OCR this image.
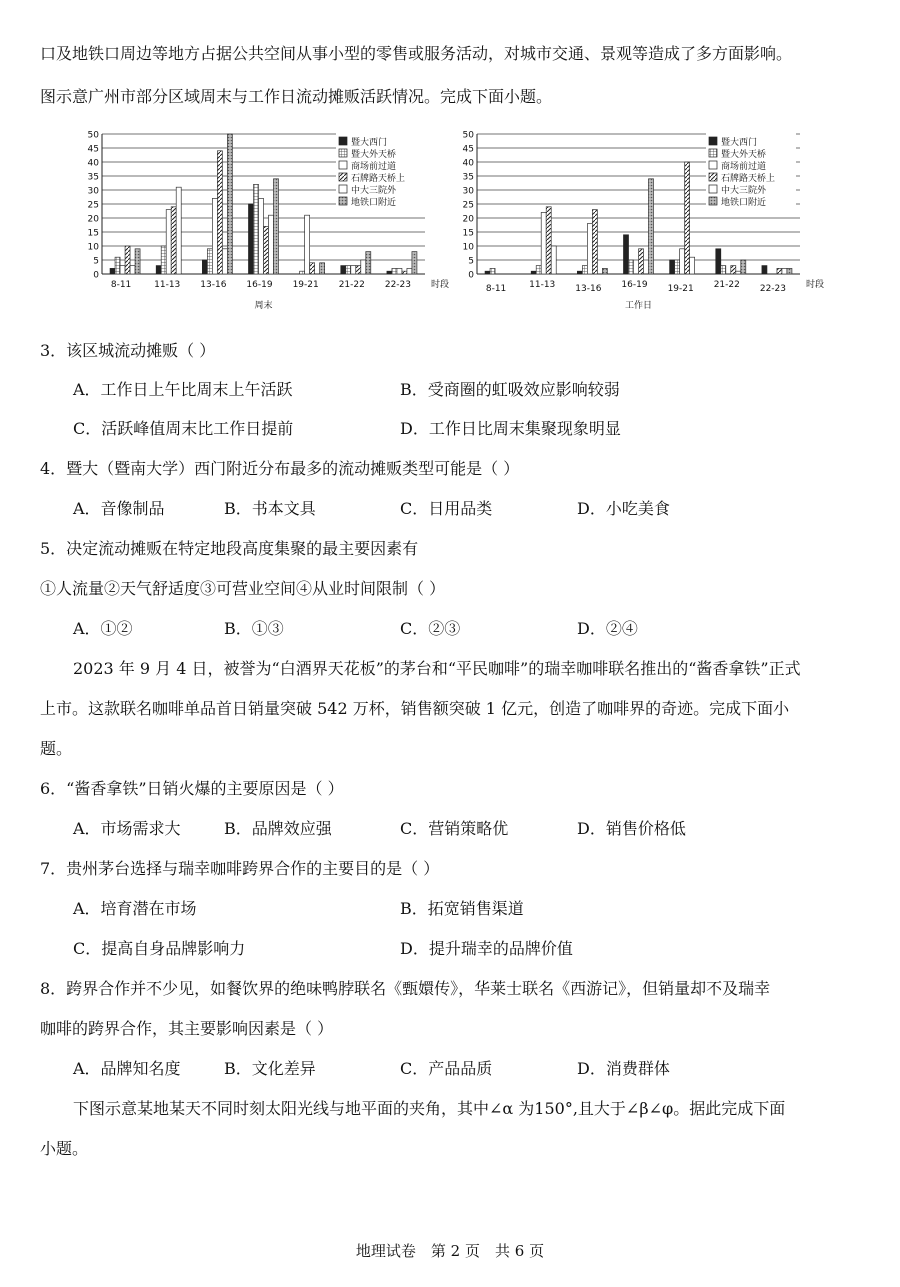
口及地铁口周边等地方占据公共空间从事小型的零售或服务活动，对城市交通、景观等造成了多方面影响。
图示意广州市部分区域周末与工作日流动摊贩活跃情况。完成下面小题。
0
5
10
15
20
25
30
35
40
45
50
8-11	11-13 13-16 16-19 19-21 21-22 22-23 时段
周末
暨大西门
暨大外天桥
商场前过道
石牌路天桥上
中大三院外
地铁口附近
0
5
10
15
20
25
30
35
40
45
50
8-11	11-13 13-16 16-19 19-21 21-22 22-23 时段
工作日
暨大西门
暨大外天桥
商场前过道
石牌路天桥上
中大三院外
地铁口附近
3．该区城流动摊贩（ ）
A．工作日上午比周末上午活跃	B．受商圈的虹吸效应影响较弱
C．活跃峰值周末比工作日提前	D．工作日比周末集聚现象明显
4．暨大（暨南大学）西门附近分布最多的流动摊贩类型可能是（ ）
A．音像制品	B．书本文具	C．日用品类	D．小吃美食
5．决定流动摊贩在特定地段高度集聚的最主要因素有
①人流量②天气舒适度③可营业空间④从业时间限制（ ）
A．①②	B．①③	C．②③	D．②④
2023 年 9 月 4 日，被誉为“白酒界天花板”的茅台和“平民咖啡”的瑞幸咖啡联名推出的“酱香拿铁”正式
上市。这款联名咖啡单品首日销量突破 542 万杯，销售额突破 1 亿元，创造了咖啡界的奇迹。完成下面小
题。
6．“酱香拿铁”日销火爆的主要原因是（ ）
A．市场需求大	B．品牌效应强	C．营销策略优	D．销售价格低
7．贵州茅台选择与瑞幸咖啡跨界合作的主要目的是（ ）
A．培育潜在市场	B．拓宽销售渠道
C．提高自身品牌影响力	D．提升瑞幸的品牌价值
8．跨界合作并不少见，如餐饮界的绝味鸭脖联名《甄嬛传》，华莱士联名《西游记》，但销量却不及瑞幸
咖啡的跨界合作，其主要影响因素是（ ）
A．品牌知名度	B．文化差异	C．产品品质	D．消费群体
下图示意某地某天不同时刻太阳光线与地平面的夹角，其中∠α 为150°,且大于∠β∠φ。据此完成下面
小题。
地理试卷　第 2 页　共 6 页
